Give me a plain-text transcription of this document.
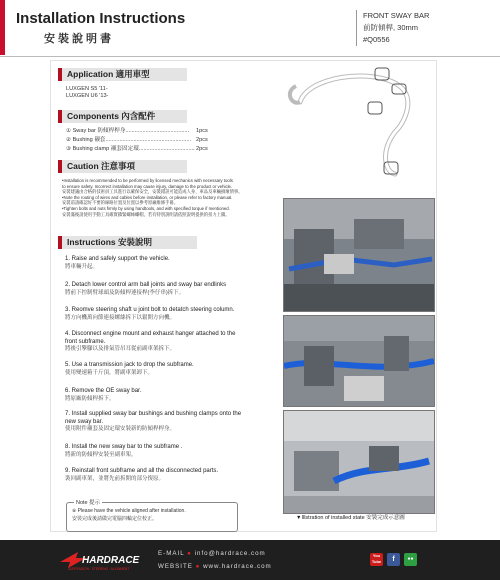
Installation Instructions
安裝說明書
FRONT SWAY BAR
前防傾桿, 30mm
#Q0556
Application 適用車型
LUXGEN S5 '11-
LUXGEN U6 '13-
Components 內含配件
① Sway bar 防傾桿桿身......................................... 1pcs
② Bushing 襯套....................................................... 2pcs
③ Bushing clamp 襯套固定環.................................... 2pcs
Caution 注意事項
•Installation is recommended to be performed by licensed mechanics with necessary tools
to ensure safety. Incorrect installation may cause injury, damage to the product or vehicle.
安裝建議由合格的技術員工具進行以確保安全，安裝錯誤可能造成人身、車品及車輛損壞情事。
•Note the routing of wires and cables before installation, or please refer to factory manual.
安裝前請確認好不要的線路位置及位置以參考原廠維修手冊。
•Tighten bolts and nuts firmly by using handtools, and with specified torque if mentioned.
安裝滿後請使用手動工具確實鎖緊螺絲螺帽，若有特別說明請依照說明提供的扭力上鎖。
Instructions 安裝說明
1. Raise and safely support the vehicle.
將車輛升起。
2. Detach lower control arm ball joints and sway bar endlinks
將前下控制臂球頭及防傾桿連接桿(李仔串)拆下。
3. Reomve steering shaft u joint bolt to detatch steering column.
將方向機萬向節連接螺絲拆下以鬆開方向機。
4. Disconnect engine mount and exhaust hanger attached to the
front subframe.
將後引擎腳以及排氣管吊耳從前副車架拆下。
5. Use a transmission jack to drop the subframe.
使用變速箱千斤頂，將副車架卸下。
6. Remove the OE sway bar.
將原廠防傾桿拆下。
7. Install supplied sway bar bushings and bushing clamps onto the
new sway bar.
使用附件襯套及固定環安裝新的防傾桿桿身。
8. Install the new sway bar to the subframe .
將新的防傾桿安裝至副車架。
9. Reinstall front subframe and all the disconnected parts.
裝回副車架，並將先前拆開的部分復原。
▼Illstration of installed state 安裝完成示意圖
Note 提示
※ Please have the vehicle aligned after installation.
安裝完成後請做完電腦四輪定位校正。
HARDRACE
SUSPENSION · STEERING · ALIGNMENT
E-MAIL ● info@hardrace.com
WEBSITE ● www.hardrace.com
You
Tube	f	●●
